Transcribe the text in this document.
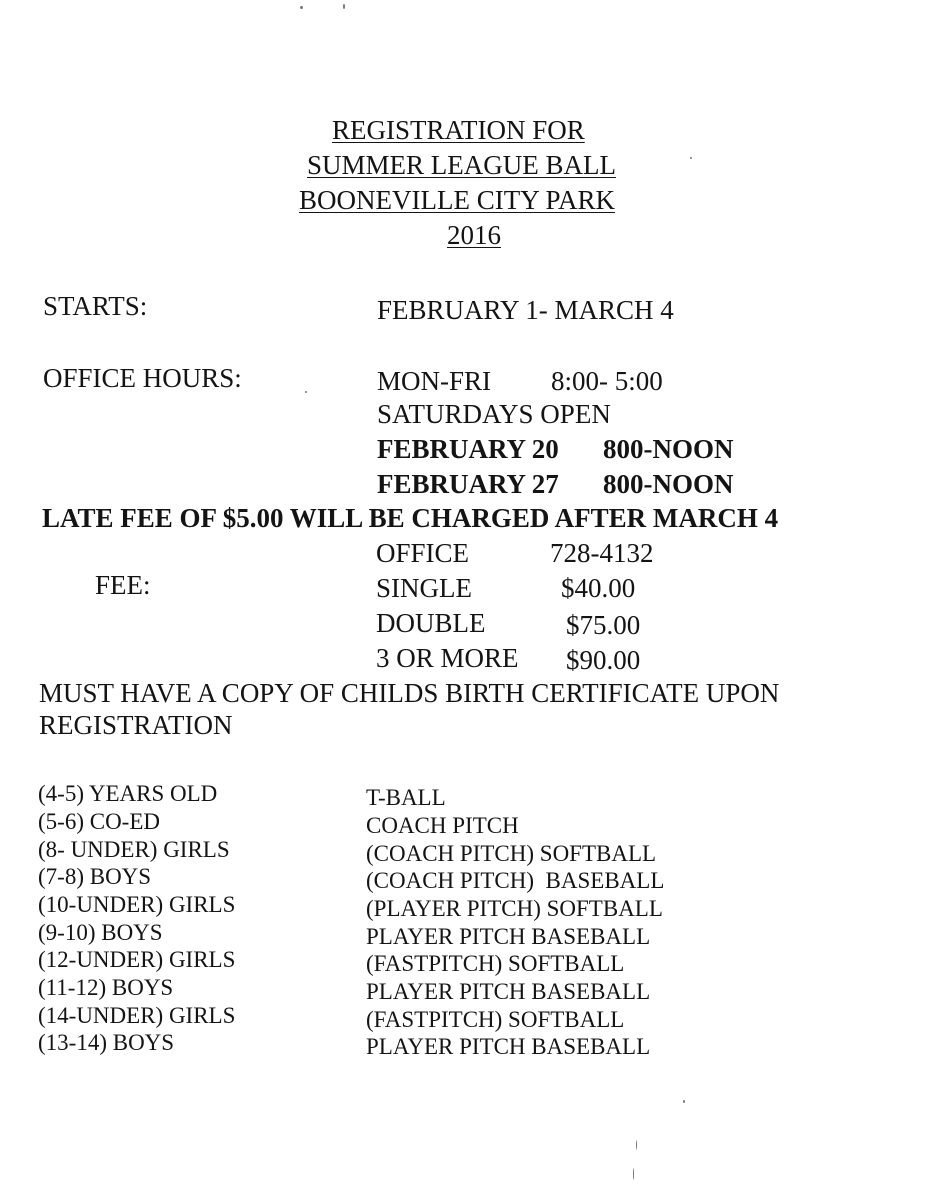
REGISTRATION FOR
SUMMER LEAGUE BALL
BOONEVILLE CITY PARK
2016
STARTS:	FEBRUARY 1- MARCH 4
OFFICE HOURS:	MON-FRI 8:00- 5:00
SATURDAYS OPEN
FEBRUARY 20 800-NOON
FEBRUARY 27 800-NOON
LATE FEE OF $5.00 WILL BE CHARGED AFTER MARCH 4
OFFICE	728-4132
FEE:	SINGLE	$40.00
DOUBLE	$75.00
3 OR MORE $90.00
MUST HAVE A COPY OF CHILDS BIRTH CERTIFICATE UPON
REGISTRATION
(4-5) YEARS OLD	T-BALL
(5-6) CO-ED	COACH PITCH
(8- UNDER) GIRLS	(COACH PITCH) SOFTBALL
(7-8) BOYS	(COACH PITCH)  BASEBALL
(10-UNDER) GIRLS	(PLAYER PITCH) SOFTBALL
(9-10) BOYS	PLAYER PITCH BASEBALL
(12-UNDER) GIRLS	(FASTPITCH) SOFTBALL
(11-12) BOYS	PLAYER PITCH BASEBALL
(14-UNDER) GIRLS	(FASTPITCH) SOFTBALL
(13-14) BOYS	PLAYER PITCH BASEBALL
